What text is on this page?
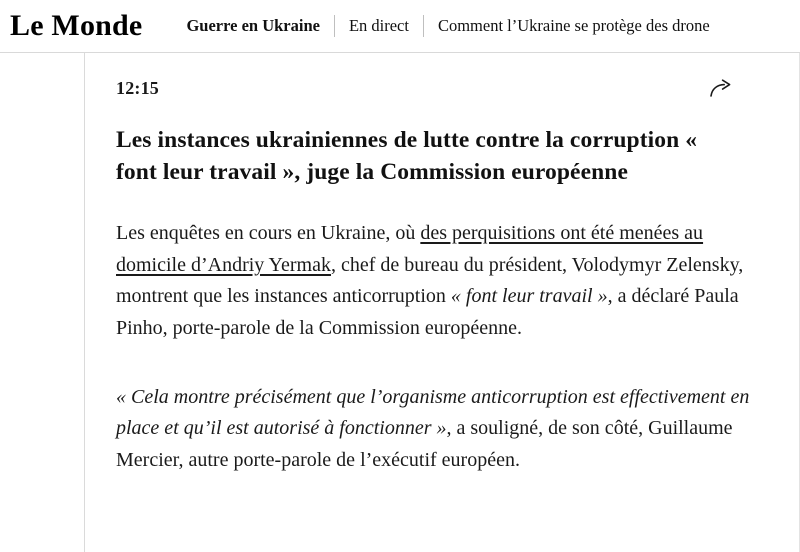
Le Monde	Guerre en Ukraine	En direct	Comment l’Ukraine se protège des drone
12:15
Les instances ukrainiennes de lutte contre la corruption « font leur travail », juge la Commission européenne

Les enquêtes en cours en Ukraine, où des perquisitions ont été menées au domicile d’Andriy Yermak, chef de bureau du président, Volodymyr Zelensky, montrent que les instances anticorruption « font leur travail », a déclaré Paula Pinho, porte-parole de la Commission européenne.

« Cela montre précisément que l’organisme anticorruption est effectivement en place et qu’il est autorisé à fonctionner », a souligné, de son côté, Guillaume Mercier, autre porte-parole de l’exécutif européen.
